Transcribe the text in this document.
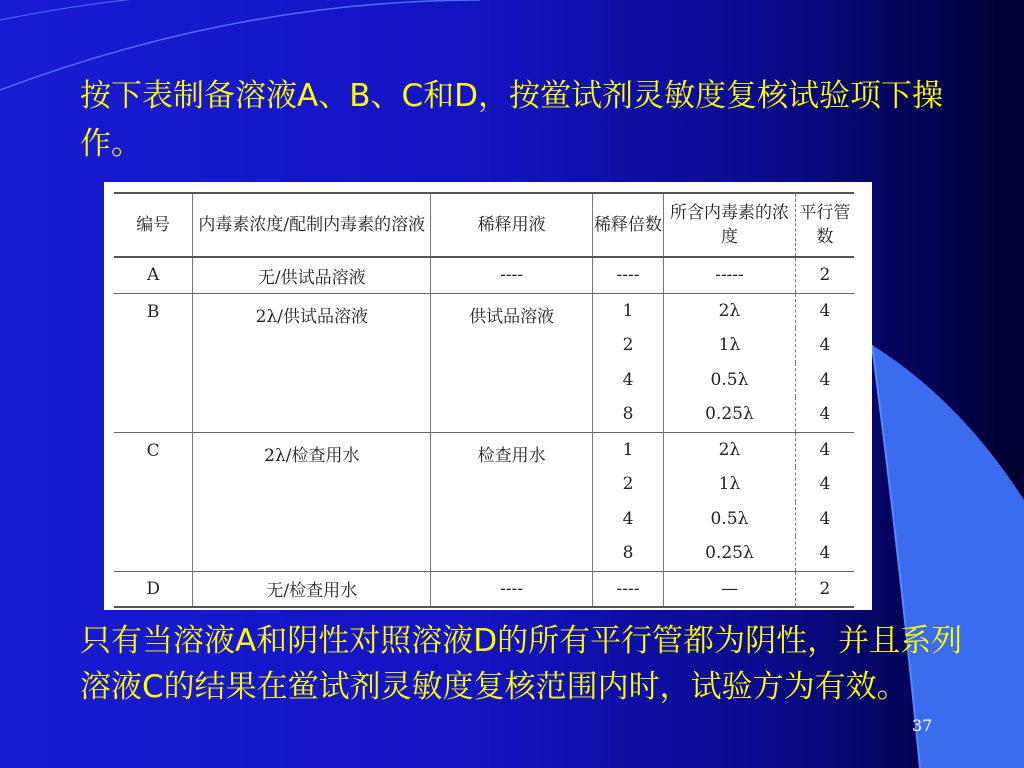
按下表制备溶液A、B、C和D，按鲎试剂灵敏度复核试验项下操作。

编号	内毒素浓度/配制内毒素的溶液	稀释用液	稀释倍数	所含内毒素的浓度	平行管数
A	无/供试品溶液	----	----	-----	2
B	2λ/供试品溶液	供试品溶液	1	2λ	4
			2	1λ	4
			4	0.5λ	4
			8	0.25λ	4
C	2λ/检查用水	检查用水	1	2λ	4
			2	1λ	4
			4	0.5λ	4
			8	0.25λ	4
D	无/检查用水	----	----	—	2

只有当溶液A和阴性对照溶液D的所有平行管都为阴性，并且系列溶液C的结果在鲎试剂灵敏度复核范围内时，试验方为有效。

37
